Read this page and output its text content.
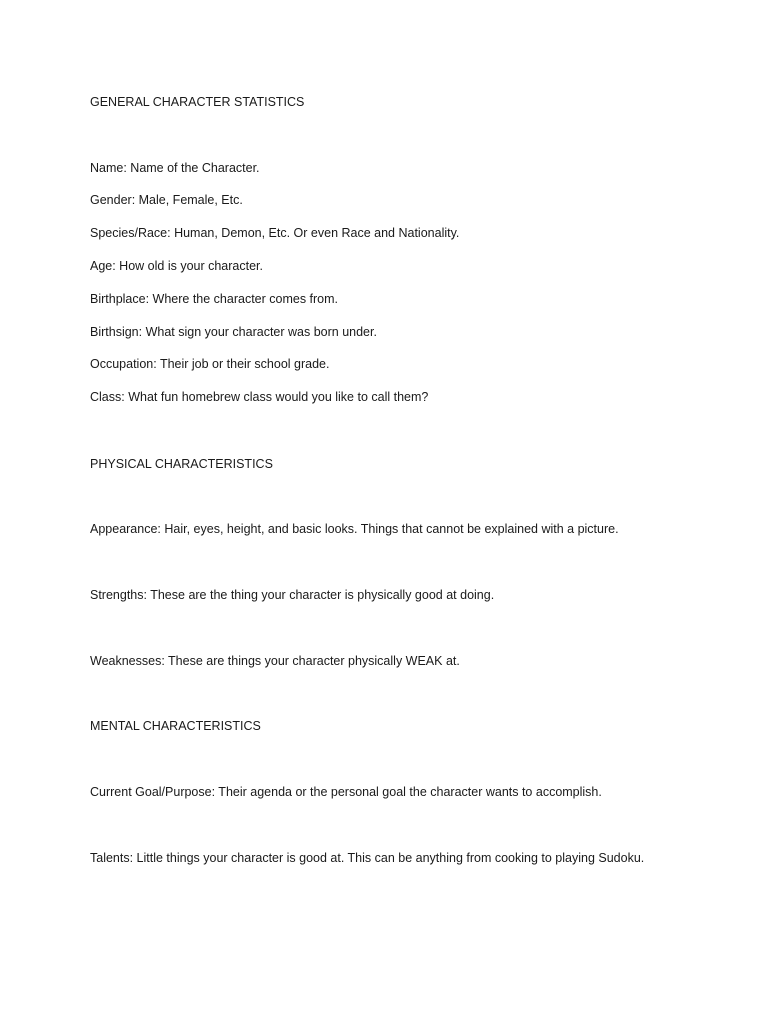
GENERAL CHARACTER STATISTICS

Name: Name of the Character.

Gender: Male, Female, Etc.

Species/Race: Human, Demon, Etc. Or even Race and Nationality.

Age: How old is your character.

Birthplace: Where the character comes from.

Birthsign: What sign your character was born under.

Occupation: Their job or their school grade.

Class: What fun homebrew class would you like to call them?

PHYSICAL CHARACTERISTICS

Appearance: Hair, eyes, height, and basic looks. Things that cannot be explained with a picture.

Strengths: These are the thing your character is physically good at doing.

Weaknesses: These are things your character physically WEAK at.

MENTAL CHARACTERISTICS

Current Goal/Purpose: Their agenda or the personal goal the character wants to accomplish.

Talents: Little things your character is good at. This can be anything from cooking to playing Sudoku.
